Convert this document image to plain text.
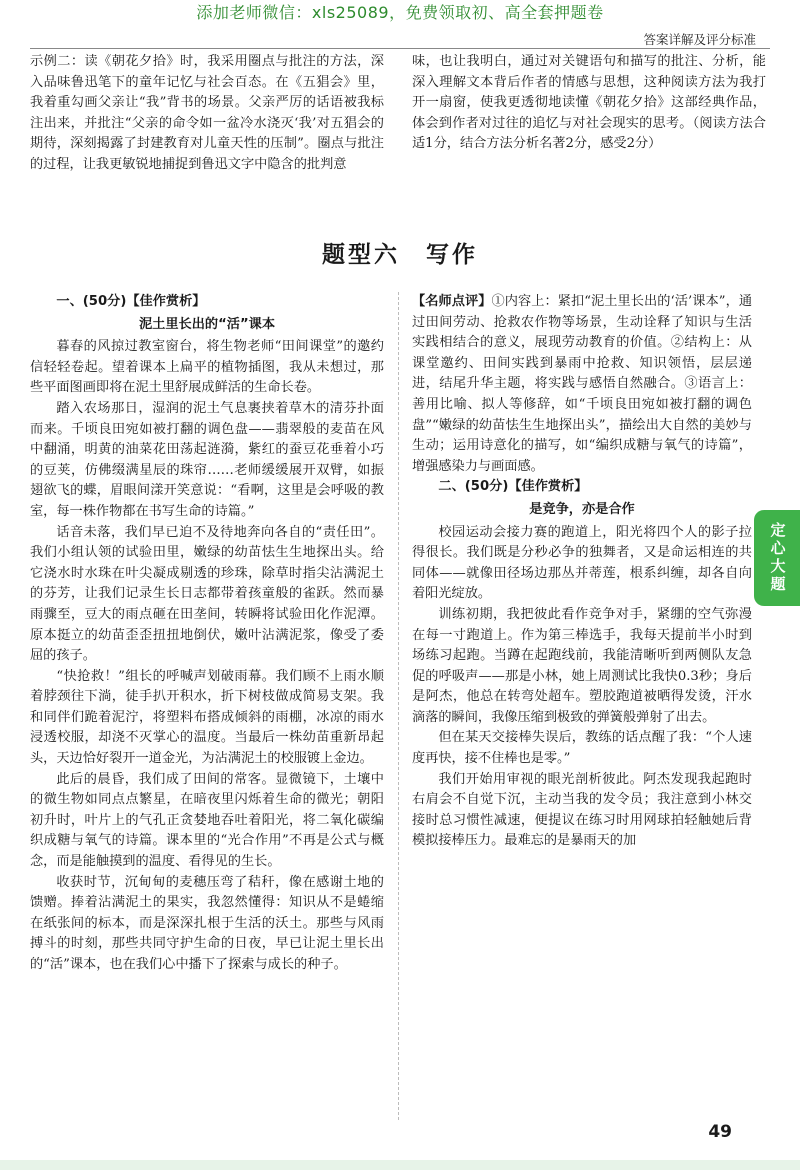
添加老师微信：xls25089，免费领取初、高全套押题卷
答案详解及评分标准

示例二：读《朝花夕拾》时，我采用圈点与批注的方法，深入品味鲁迅笔下的童年记忆与社会百态。在《五猖会》里，我着重勾画父亲让“我”背书的场景。父亲严厉的话语被我标注出来，并批注“父亲的命令如一盆冷水浇灭‘我’对五猖会的期待，深刻揭露了封建教育对儿童天性的压制”。圈点与批注的过程，让我更敏锐地捕捉到鲁迅文字中隐含的批判意

味，也让我明白，通过对关键语句和描写的批注、分析，能深入理解文本背后作者的情感与思想，这种阅读方法为我打开一扇窗，使我更透彻地读懂《朝花夕拾》这部经典作品，体会到作者对过往的追忆与对社会现实的思考。（阅读方法合适1分，结合方法分析名著2分，感受2分）

题型六　写作

一、(50分)【佳作赏析】

泥土里长出的“活”课本

暮春的风掠过教室窗台，将生物老师“田间课堂”的邀约信轻轻卷起。望着课本上扁平的植物插图，我从未想过，那些平面图画即将在泥土里舒展成鲜活的生命长卷。

踏入农场那日，湿润的泥土气息裹挟着草木的清芬扑面而来。千顷良田宛如被打翻的调色盘——翡翠般的麦苗在风中翻涌，明黄的油菜花田荡起涟漪，紫红的蚕豆花垂着小巧的豆荚，仿佛缀满星辰的珠帘……老师缓缓展开双臂，如振翅欲飞的蝶，眉眼间漾开笑意说：“看啊，这里是会呼吸的教室，每一株作物都在书写生命的诗篇。”

话音未落，我们早已迫不及待地奔向各自的“责任田”。我们小组认领的试验田里，嫩绿的幼苗怯生生地探出头。给它浇水时水珠在叶尖凝成剔透的珍珠，除草时指尖沾满泥土的芬芳，让我们记录生长日志都带着孩童般的雀跃。然而暴雨骤至，豆大的雨点砸在田垄间，转瞬将试验田化作泥潭。原本挺立的幼苗歪歪扭扭地倒伏，嫩叶沾满泥浆，像受了委屈的孩子。

“快抢救！”组长的呼喊声划破雨幕。我们顾不上雨水顺着脖颈往下淌，徒手扒开积水，折下树枝做成简易支架。我和同伴们跪着泥泞，将塑料布搭成倾斜的雨棚，冰凉的雨水浸透校服，却浇不灭掌心的温度。当最后一株幼苗重新昂起头，天边恰好裂开一道金光，为沾满泥土的校服镀上金边。

此后的晨昏，我们成了田间的常客。显微镜下，土壤中的微生物如同点点繁星，在暗夜里闪烁着生命的微光；朝阳初升时，叶片上的气孔正贪婪地吞吐着阳光，将二氧化碳编织成糖与氧气的诗篇。课本里的“光合作用”不再是公式与概念，而是能触摸到的温度、看得见的生长。

收获时节，沉甸甸的麦穗压弯了秸秆，像在感谢土地的馈赠。捧着沾满泥土的果实，我忽然懂得：知识从不是蜷缩在纸张间的标本，而是深深扎根于生活的沃土。那些与风雨搏斗的时刻，那些共同守护生命的日夜，早已让泥土里长出的“活”课本，也在我们心中播下了探索与成长的种子。

【名师点评】①内容上：紧扣“泥土里长出的‘活’课本”，通过田间劳动、抢救农作物等场景，生动诠释了知识与生活实践相结合的意义，展现劳动教育的价值。②结构上：从课堂邀约、田间实践到暴雨中抢救、知识领悟，层层递进，结尾升华主题，将实践与感悟自然融合。③语言上：善用比喻、拟人等修辞，如“千顷良田宛如被打翻的调色盘”“嫩绿的幼苗怯生生地探出头”，描绘出大自然的美妙与生动；运用诗意化的描写，如“编织成糖与氧气的诗篇”，增强感染力与画面感。

二、(50分)【佳作赏析】

是竞争，亦是合作

校园运动会接力赛的跑道上，阳光将四个人的影子拉得很长。我们既是分秒必争的独舞者，又是命运相连的共同体——就像田径场边那丛并蒂莲，根系纠缠，却各自向着阳光绽放。

训练初期，我把彼此看作竞争对手，紧绷的空气弥漫在每一寸跑道上。作为第三棒选手，我每天提前半小时到场练习起跑。当蹲在起跑线前，我能清晰听到两侧队友急促的呼吸声——那是小林，她上周测试比我快0.3秒；身后是阿杰，他总在转弯处超车。塑胶跑道被晒得发烫，汗水滴落的瞬间，我像压缩到极致的弹簧般弹射了出去。

但在某天交接棒失误后，教练的话点醒了我：“个人速度再快，接不住棒也是零。”

我们开始用审视的眼光剖析彼此。阿杰发现我起跑时右肩会不自觉下沉，主动当我的发令员；我注意到小林交接时总习惯性减速，便提议在练习时用网球拍轻触她后背模拟接棒压力。最难忘的是暴雨天的加

定心大题
49
